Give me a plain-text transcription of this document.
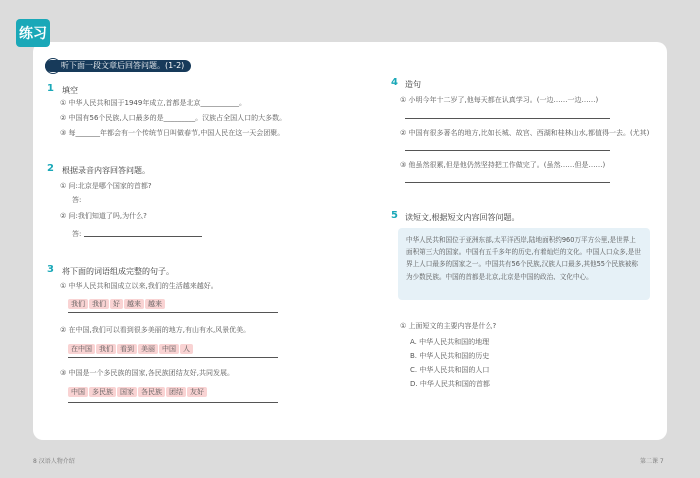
练习
听下面一段文章后回答问题。(1-2)
1 填空
① 中华人民共和国于1949年成立,首都是北京___________。
② 中国有56个民族,人口最多的是_________。汉族占全国人口的大多数。
③ 每_______年都会有一个传统节日叫做春节,中国人民在这一天会团聚。
2 根据录音内容回答问题。
① 问:北京是哪个国家的首都?
答:
② 问:我们知道了吗,为什么?
答:
3 将下面的词语组成完整的句子。
① 中华人民共和国成立以来,我们的生活越来越好。
我们 我们 好 越来 越来
② 在中国,我们可以看到很多美丽的地方,有山有水,风景优美。
在中国 我们 看到 美丽 中国 人
③ 中国是一个多民族的国家,各民族团结友好,共同发展。
中国 多民族 国家 各民族 团结 友好
4 造句
① 小明今年十二岁了,他每天都在认真学习。(一边……一边……)
② 中国有很多著名的地方,比如长城、故宫、西湖和桂林山水,都值得一去。(尤其)
③ 他虽然很累,但是他仍然坚持把工作做完了。(虽然……但是……)
5 读短文,根据短文内容回答问题。
中华人民共和国位于亚洲东部,太平洋西岸,陆地面积约960万平方公里,是世界上面积第三大的国家。中国有五千多年的历史,有着灿烂的文化。中国人口众多,是世界上人口最多的国家之一。中国共有56个民族,汉族人口最多,其他55个民族被称为少数民族。中国的首都是北京,北京是中国的政治、文化中心。
① 上面短文的主要内容是什么?
A. 中华人民共和国的地理
B. 中华人民共和国的历史
C. 中华人民共和国的人口
D. 中华人民共和国的首都
8 汉语人物介绍	第二课 7
